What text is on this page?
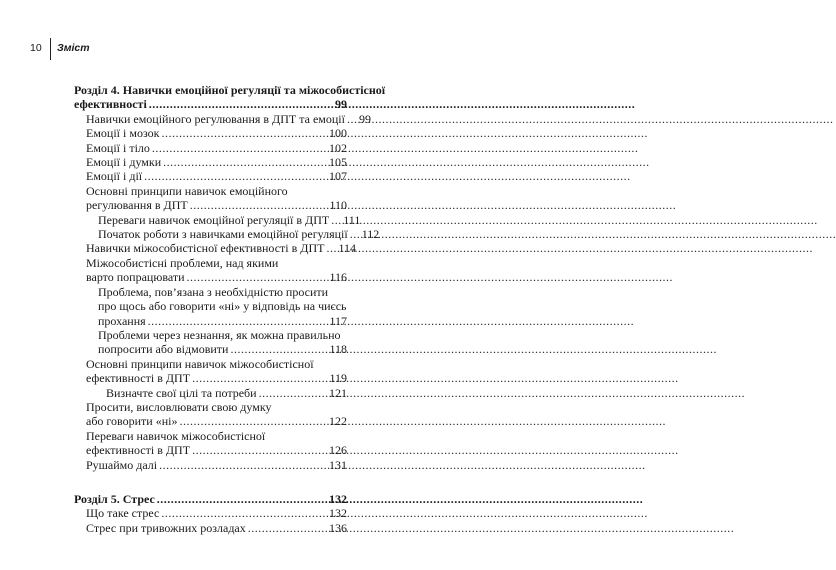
10 Зміст
Розділ 4. Навички емоційної регуляції та міжособистісної
ефективності .....	99
Навички емоційного регулювання в ДПТ та емоції ..... 99
Емоції і мозок .....	100
Емоції і тіло .....	102
Емоції і думки .....	105
Емоції і дії .....	107
Основні принципи навичок емоційного
регулювання в ДПТ .....	110
Переваги навичок емоційної регуляції в ДПТ ..... 111
Початок роботи з навичками емоційної регуляції ..... 112
Навички міжособистісної ефективності в ДПТ ..... 114
Міжособистісні проблеми, над якими
варто попрацювати .....	116
Проблема, пов’язана з необхідністю просити
про щось або говорити «ні» у відповідь на чиєсь
прохання .....	117
Проблеми через незнання, як можна правильно
попросити або відмовити .....	118
Основні принципи навичок міжособистісної
ефективності в ДПТ .....	119
Визначте свої цілі та потреби .....	121
Просити, висловлювати свою думку
або говорити «ні» .....	122
Переваги навичок міжособистісної
ефективності в ДПТ .....	126
Рушаймо далі .....	131
Розділ 5. Стрес .....	132
Що таке стрес .....	132
Стрес при тривожних розладах .....	136
